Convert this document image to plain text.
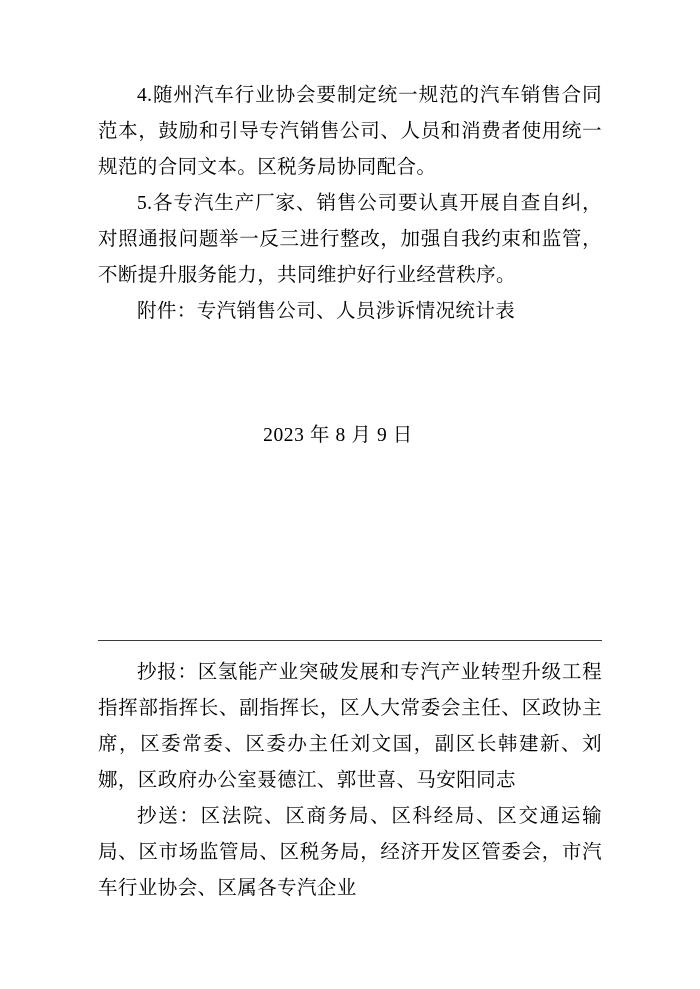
4.随州汽车行业协会要制定统一规范的汽车销售合同范本，鼓励和引导专汽销售公司、人员和消费者使用统一规范的合同文本。区税务局协同配合。

5.各专汽生产厂家、销售公司要认真开展自查自纠，对照通报问题举一反三进行整改，加强自我约束和监管，不断提升服务能力，共同维护好行业经营秩序。

附件：专汽销售公司、人员涉诉情况统计表

2023 年 8 月 9 日

抄报：区氢能产业突破发展和专汽产业转型升级工程指挥部指挥长、副指挥长，区人大常委会主任、区政协主席，区委常委、区委办主任刘文国，副区长韩建新、刘娜，区政府办公室聂德江、郭世喜、马安阳同志

抄送：区法院、区商务局、区科经局、区交通运输局、区市场监管局、区税务局，经济开发区管委会，市汽车行业协会、区属各专汽企业
